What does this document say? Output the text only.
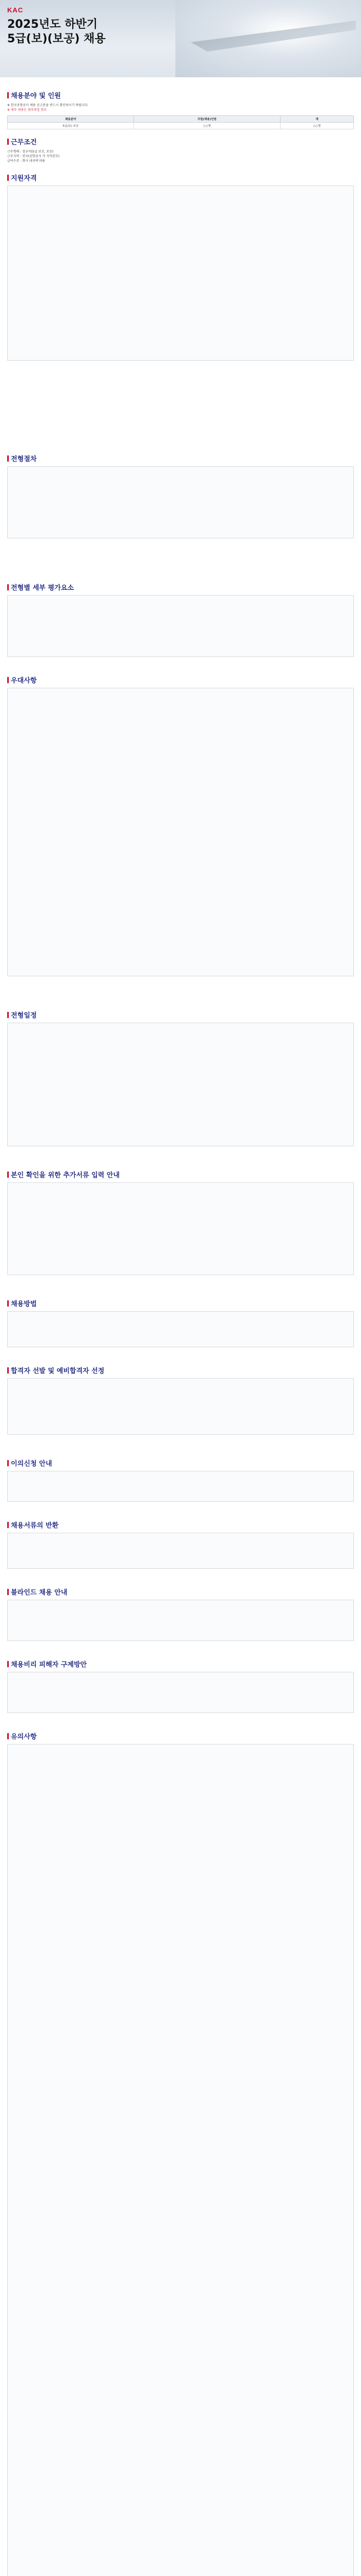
KAC
2025년도 하반기
5급(보)(보공) 채용
채용분야 및 인원
※ 한국공항공사 채용 공고문을 반드시 확인하시기 바랍니다.
※ 세부 내용은 첨부파일 참조
채용분야	지원(채용)인원	계
5급(보) 보공	○○명	○○명
근무조건
근무형태 : 정규직(5급 보조, 보공)
근무지역 : 전국(공항공사 각 지역본부)
급여수준 : 회사 내규에 따름
지원자격
전형절차
전형별 세부 평가요소
우대사항
전형일정
본인 확인을 위한 추가서류 입력 안내
채용방법
합격자 선발 및 예비합격자 선정
이의신청 안내
채용서류의 반환
블라인드 채용 안내
채용비리 피해자 구제방안
유의사항
